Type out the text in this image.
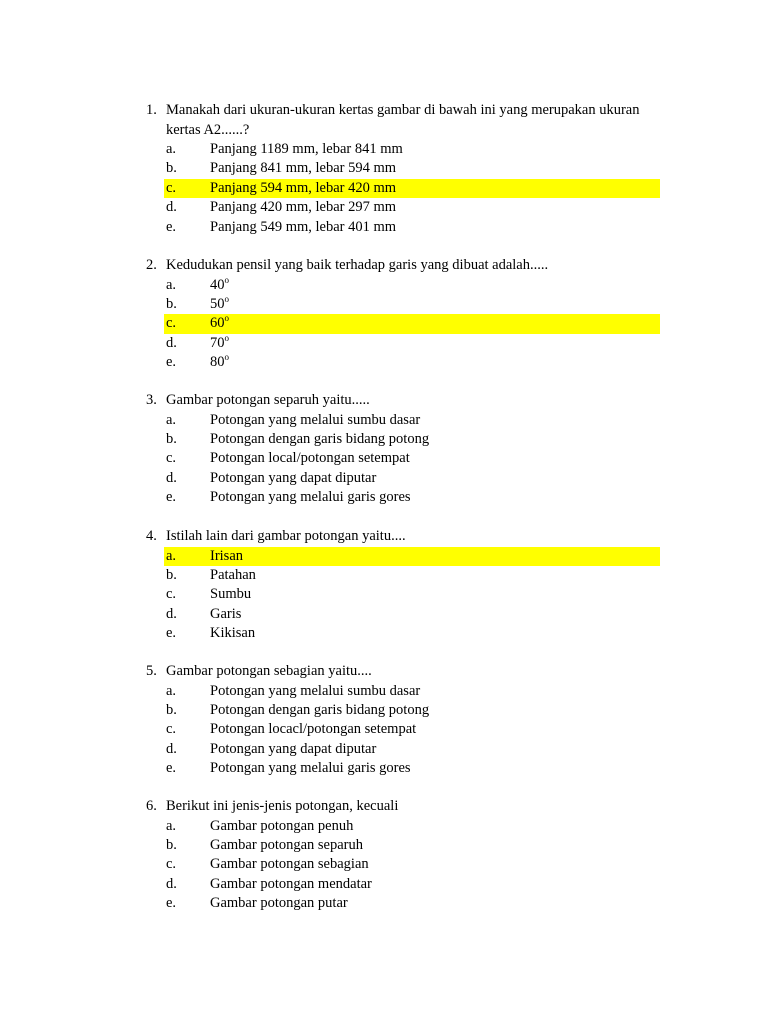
1. Manakah dari ukuran-ukuran kertas gambar di bawah ini yang merupakan ukuran kertas A2......?
a. Panjang 1189 mm, lebar 841 mm
b. Panjang 841 mm, lebar 594 mm
c. Panjang 594 mm, lebar 420 mm
d. Panjang 420 mm, lebar 297 mm
e. Panjang 549 mm, lebar 401 mm
2. Kedudukan pensil yang baik terhadap garis yang dibuat adalah.....
a. 40$^o$
b. 50$^o$
c. 60$^o$
d. 70$^o$
e. 80$^o$
3. Gambar potongan separuh yaitu.....
a. Potongan yang melalui sumbu dasar
b. Potongan dengan garis bidang potong
c. Potongan local/potongan setempat
d. Potongan yang dapat diputar
e. Potongan yang melalui garis gores
4. Istilah lain dari gambar potongan yaitu....
a. Irisan
b. Patahan
c. Sumbu
d. Garis
e. Kikisan
5. Gambar potongan sebagian yaitu....
a. Potongan yang melalui sumbu dasar
b. Potongan dengan garis bidang potong
c. Potongan locacl/potongan setempat
d. Potongan yang dapat diputar
e. Potongan yang melalui garis gores
6. Berikut ini jenis-jenis potongan, kecuali
a. Gambar potongan penuh
b. Gambar potongan separuh
c. Gambar potongan sebagian
d. Gambar potongan mendatar
e. Gambar potongan putar
